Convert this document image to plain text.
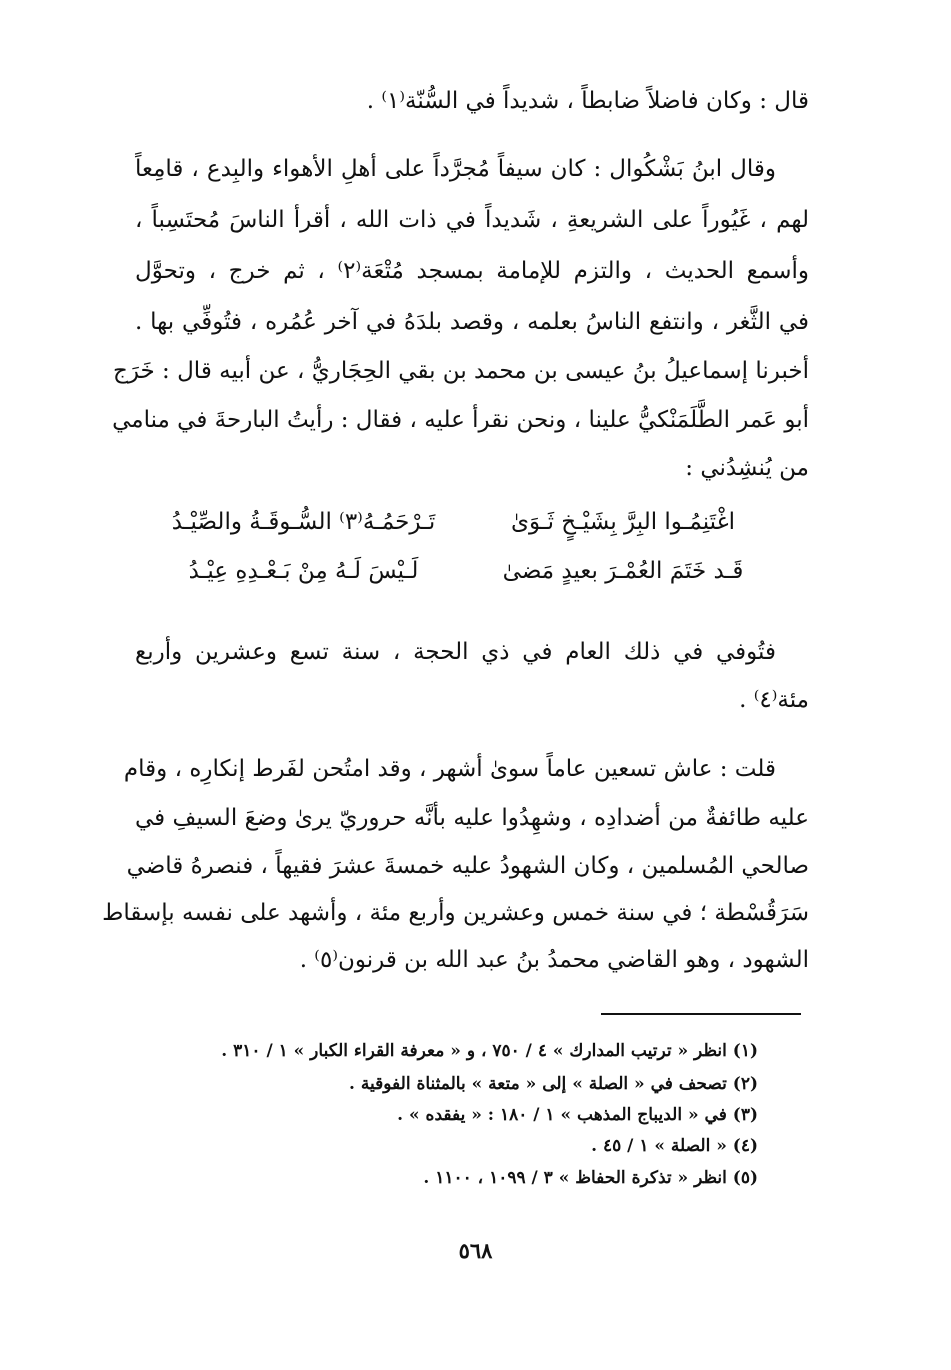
قال : وكان فاضلاً ضابطاً ، شديداً في السُّنّة⁽١⁾ .
وقال ابنُ بَشْكُوال : كان سيفاً مُجرَّداً على أهلِ الأهواء والبِدع ، قامِعاً
لهم ، غَيُوراً على الشريعةِ ، شَديداً في ذات الله ، أقرأ الناسَ مُحتَسِباً ،
وأسمع الحديث ، والتزم للإمامة بمسجد مُتْعَة⁽٢⁾ ، ثم خرج ، وتحوَّل
في الثَّغر ، وانتفع الناسُ بعلمه ، وقصد بلدَهُ في آخر عُمُره ، فتُوفِّي بها .
أخبرنا إسماعيلُ بنُ عيسى بن محمد بن بقي الحِجَاريُّ ، عن أبيه قال : خَرَج
أبو عَمر الطَّلَمَنْكيُّ علينا ، ونحن نقرأ عليه ، فقال : رأيتُ البارحةَ في منامي
من يُنشِدُني :
اغْتَنِمُـوا البِرَّ بِشَيْـخٍ ثَـوَىٰ
تَـرْحَمُـهُ⁽٣⁾ السُّـوقَـةُ والصِّيْـدُ
قَـد خَتَمَ العُمْـرَ بعيدٍ مَضىٰ
لَـيْسَ لَـهُ مِنْ بَـعْـدِهِ عِيْـدُ
فتُوفي في ذلك العام في ذي الحجة ، سنة تسع وعشرين وأربع
مئة⁽٤⁾ .
قلت : عاش تسعين عاماً سوىٰ أشهر ، وقد امتُحن لفَرط إنكارِه ، وقام
عليه طائفةٌ من أضدادِه ، وشهِدُوا عليه بأنَّه حروريّ يرىٰ وضعَ السيفِ في
صالحي المُسلمين ، وكان الشهودُ عليه خمسةَ عشرَ فقيهاً ، فنصرهُ قاضي
سَرَقُسْطة ؛ في سنة خمس وعشرين وأربع مئة ، وأشهد على نفسه بإسقاط
الشهود ، وهو القاضي محمدُ بنُ عبد الله بن قرنون⁽٥⁾ .
(١) انظر « ترتيب المدارك » ٤ / ٧٥٠ ، و « معرفة القراء الكبار » ١ / ٣١٠ .
(٢) تصحف في « الصلة » إلى « متعة » بالمثناة الفوقية .
(٣) في « الديباج المذهب » ١ / ١٨٠ : « يفقده » .
(٤) « الصلة » ١ / ٤٥ .
(٥) انظر « تذكرة الحفاظ » ٣ / ١٠٩٩ ، ١١٠٠ .
٥٦٨
